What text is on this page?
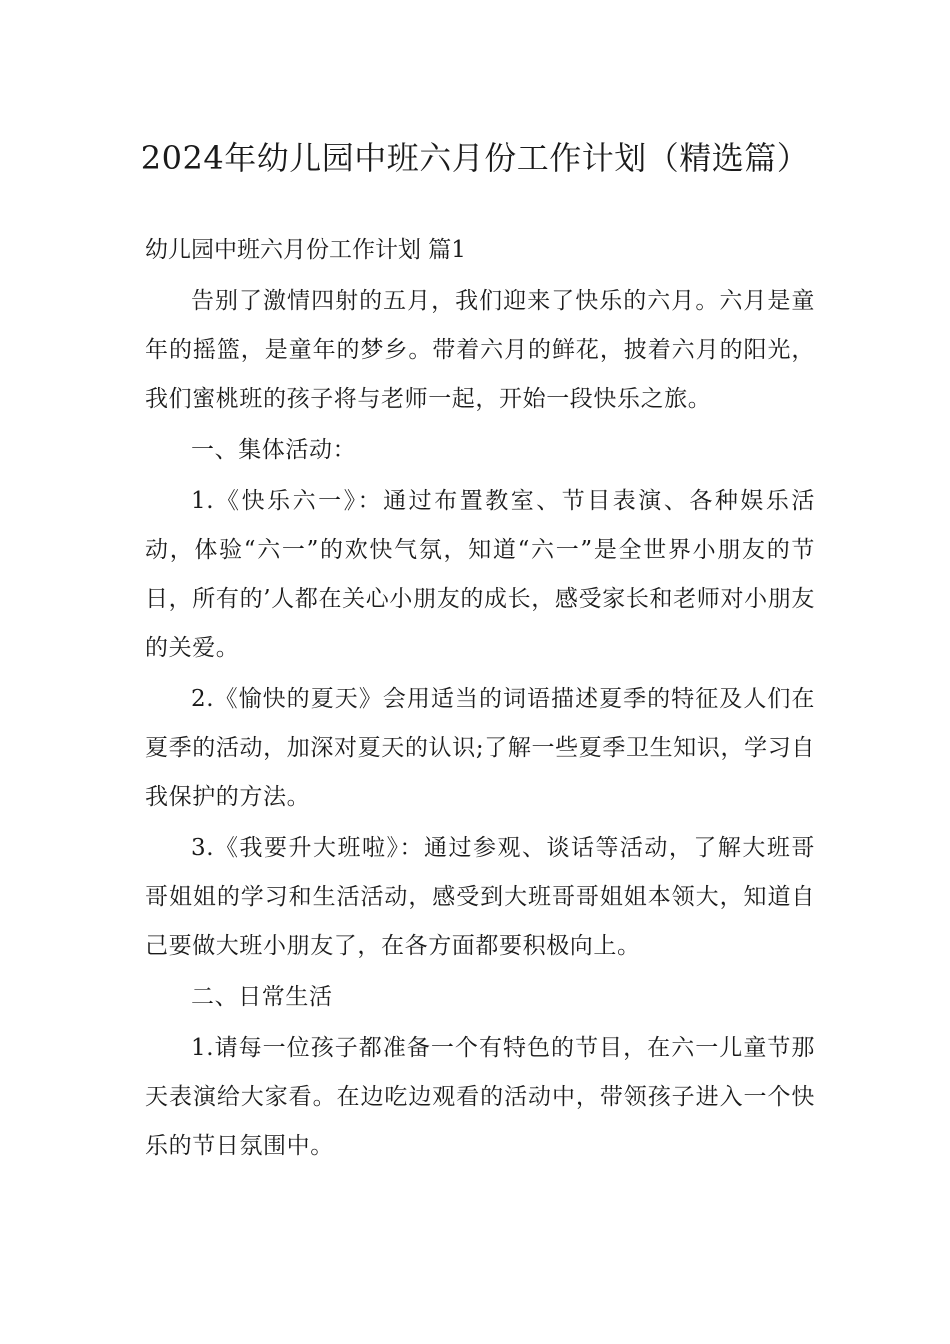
2024年幼儿园中班六月份工作计划（精选篇）
幼儿园中班六月份工作计划 篇1

告别了激情四射的五月，我们迎来了快乐的六月。六月是童年的摇篮，是童年的梦乡。带着六月的鲜花，披着六月的阳光，我们蜜桃班的孩子将与老师一起，开始一段快乐之旅。

一、集体活动：

1.《快乐六一》：通过布置教室、节目表演、各种娱乐活动，体验“六一”的欢快气氛，知道“六一”是全世界小朋友的节日，所有的’人都在关心小朋友的成长，感受家长和老师对小朋友的关爱。

2.《愉快的夏天》会用适当的词语描述夏季的特征及人们在夏季的活动，加深对夏天的认识;了解一些夏季卫生知识，学习自我保护的方法。

3.《我要升大班啦》：通过参观、谈话等活动，了解大班哥哥姐姐的学习和生活活动，感受到大班哥哥姐姐本领大，知道自己要做大班小朋友了，在各方面都要积极向上。

二、日常生活

1.请每一位孩子都准备一个有特色的节目，在六一儿童节那天表演给大家看。在边吃边观看的活动中，带领孩子进入一个快乐的节日氛围中。
